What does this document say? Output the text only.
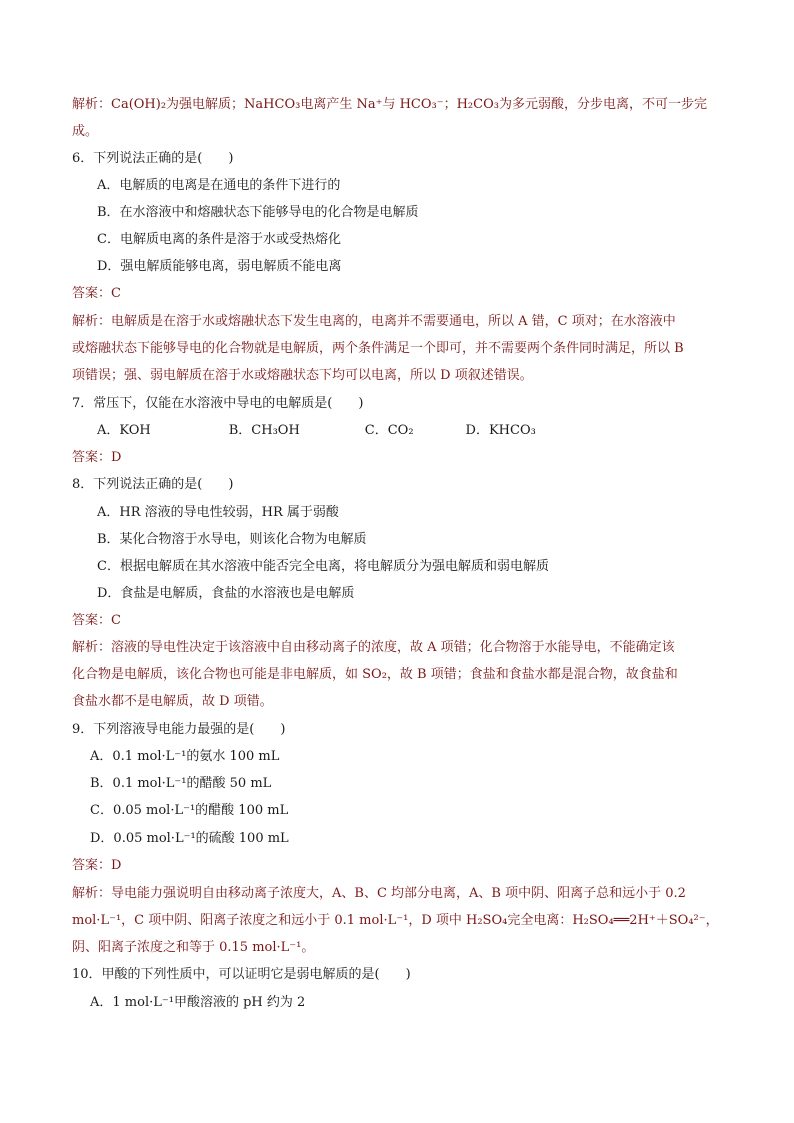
解析：Ca(OH)₂为强电解质；NaHCO₃电离产生 Na⁺与 HCO₃⁻；H₂CO₃为多元弱酸，分步电离，不可一步完
成。
6．下列说法正确的是(　　)
A．电解质的电离是在通电的条件下进行的
B．在水溶液中和熔融状态下能够导电的化合物是电解质
C．电解质电离的条件是溶于水或受热熔化
D．强电解质能够电离，弱电解质不能电离
答案：C
解析：电解质是在溶于水或熔融状态下发生电离的，电离并不需要通电，所以 A 错，C 项对；在水溶液中
或熔融状态下能够导电的化合物就是电解质，两个条件满足一个即可，并不需要两个条件同时满足，所以 B
项错误；强、弱电解质在溶于水或熔融状态下均可以电离，所以 D 项叙述错误。
7．常压下，仅能在水溶液中导电的电解质是(　　)
A．KOH　　　　　　B．CH₃OH　　　　　C．CO₂　　　　D．KHCO₃
答案：D
8．下列说法正确的是(　　)
A．HR 溶液的导电性较弱，HR 属于弱酸
B．某化合物溶于水导电，则该化合物为电解质
C．根据电解质在其水溶液中能否完全电离，将电解质分为强电解质和弱电解质
D．食盐是电解质，食盐的水溶液也是电解质
答案：C
解析：溶液的导电性决定于该溶液中自由移动离子的浓度，故 A 项错；化合物溶于水能导电，不能确定该
化合物是电解质，该化合物也可能是非电解质，如 SO₂，故 B 项错；食盐和食盐水都是混合物，故食盐和
食盐水都不是电解质，故 D 项错。
9．下列溶液导电能力最强的是(　　)
A．0.1 mol·L⁻¹的氨水 100 mL
B．0.1 mol·L⁻¹的醋酸 50 mL
C．0.05 mol·L⁻¹的醋酸 100 mL
D．0.05 mol·L⁻¹的硫酸 100 mL
答案：D
解析：导电能力强说明自由移动离子浓度大，A、B、C 均部分电离，A、B 项中阴、阳离子总和远小于 0.2
mol·L⁻¹，C 项中阴、阳离子浓度之和远小于 0.1 mol·L⁻¹，D 项中 H₂SO₄完全电离：H₂SO₄══2H⁺＋SO₄²⁻，
阴、阳离子浓度之和等于 0.15 mol·L⁻¹。
10．甲酸的下列性质中，可以证明它是弱电解质的是(　　)
A．1 mol·L⁻¹甲酸溶液的 pH 约为 2
